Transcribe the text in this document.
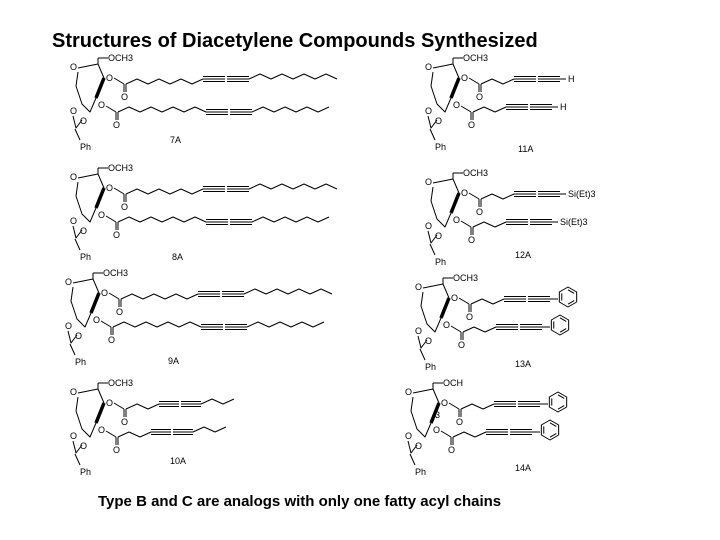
Structures of Diacetylene Compounds Synthesized
OCH3
O
O
O
O
O
Ph
O
O
7A
OCH3
O
O
O
O
O
Ph
O
O
8A
OCH3
O
O
O
O
O
Ph
O
O
9A
OCH3
O
O
O
O
O
Ph
O
O
10A
OCH3
O
O
O
O
O
Ph
O
O
H
H
11A
OCH3
O
O
O
O
O
Ph
O
O
Si(Et)3
Si(Et)3
12A
OCH3
O
O
O
O
O
Ph
O
O
13A
OCH
3
O
O
O
O
O
Ph
O
O
14A
Type B and C are analogs with only one fatty acyl chains
